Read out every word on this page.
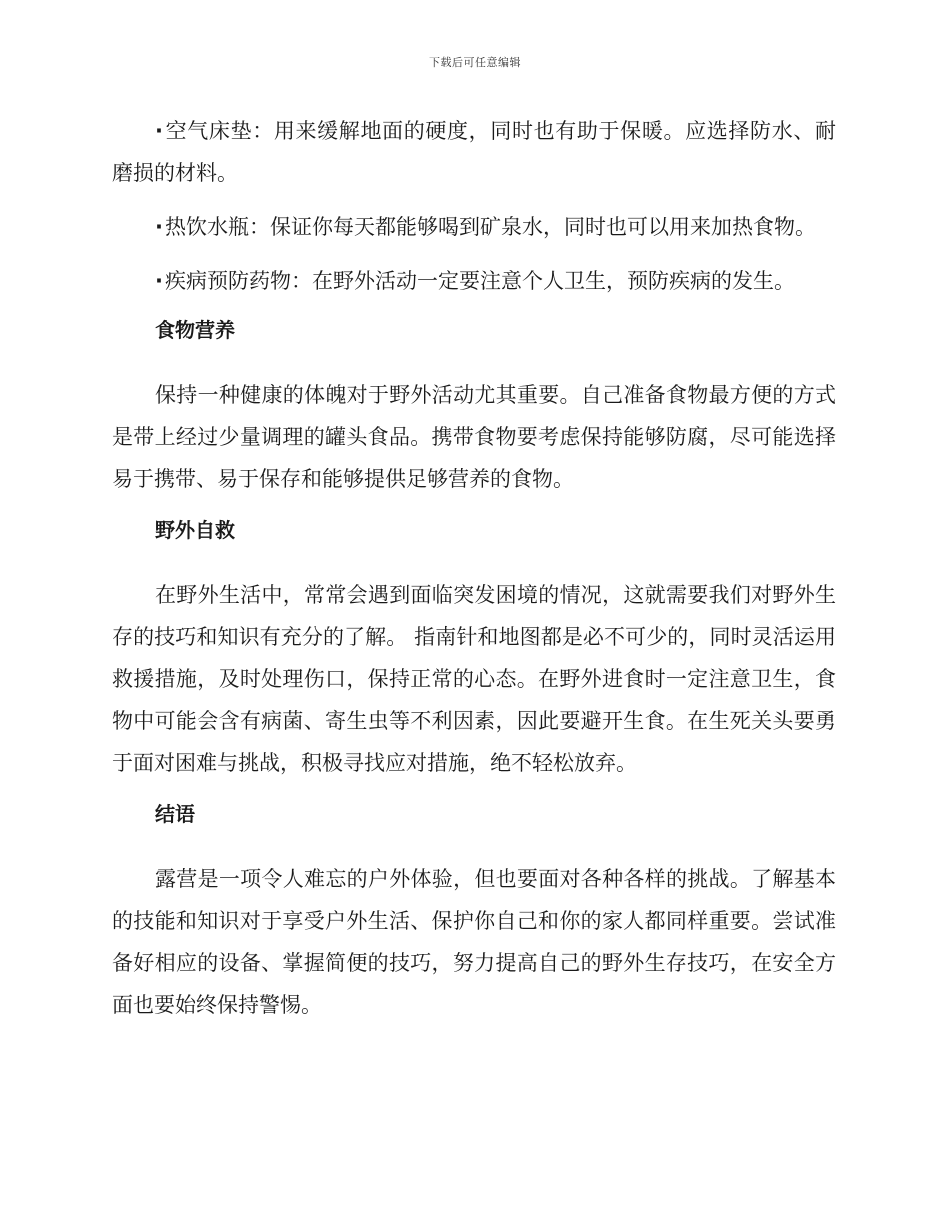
下载后可任意编辑

·空气床垫：用来缓解地面的硬度，同时也有助于保暖。应选择防水、耐磨损的材料。

·热饮水瓶：保证你每天都能够喝到矿泉水，同时也可以用来加热食物。

·疾病预防药物：在野外活动一定要注意个人卫生，预防疾病的发生。

食物营养

保持一种健康的体魄对于野外活动尤其重要。自己准备食物最方便的方式是带上经过少量调理的罐头食品。携带食物要考虑保持能够防腐，尽可能选择易于携带、易于保存和能够提供足够营养的食物。

野外自救

在野外生活中，常常会遇到面临突发困境的情况，这就需要我们对野外生存的技巧和知识有充分的了解。 指南针和地图都是必不可少的，同时灵活运用救援措施，及时处理伤口，保持正常的心态。在野外进食时一定注意卫生，食物中可能会含有病菌、寄生虫等不利因素，因此要避开生食。在生死关头要勇于面对困难与挑战，积极寻找应对措施，绝不轻松放弃。

结语

露营是一项令人难忘的户外体验，但也要面对各种各样的挑战。了解基本的技能和知识对于享受户外生活、保护你自己和你的家人都同样重要。尝试准备好相应的设备、掌握简便的技巧，努力提高自己的野外生存技巧，在安全方面也要始终保持警惕。
